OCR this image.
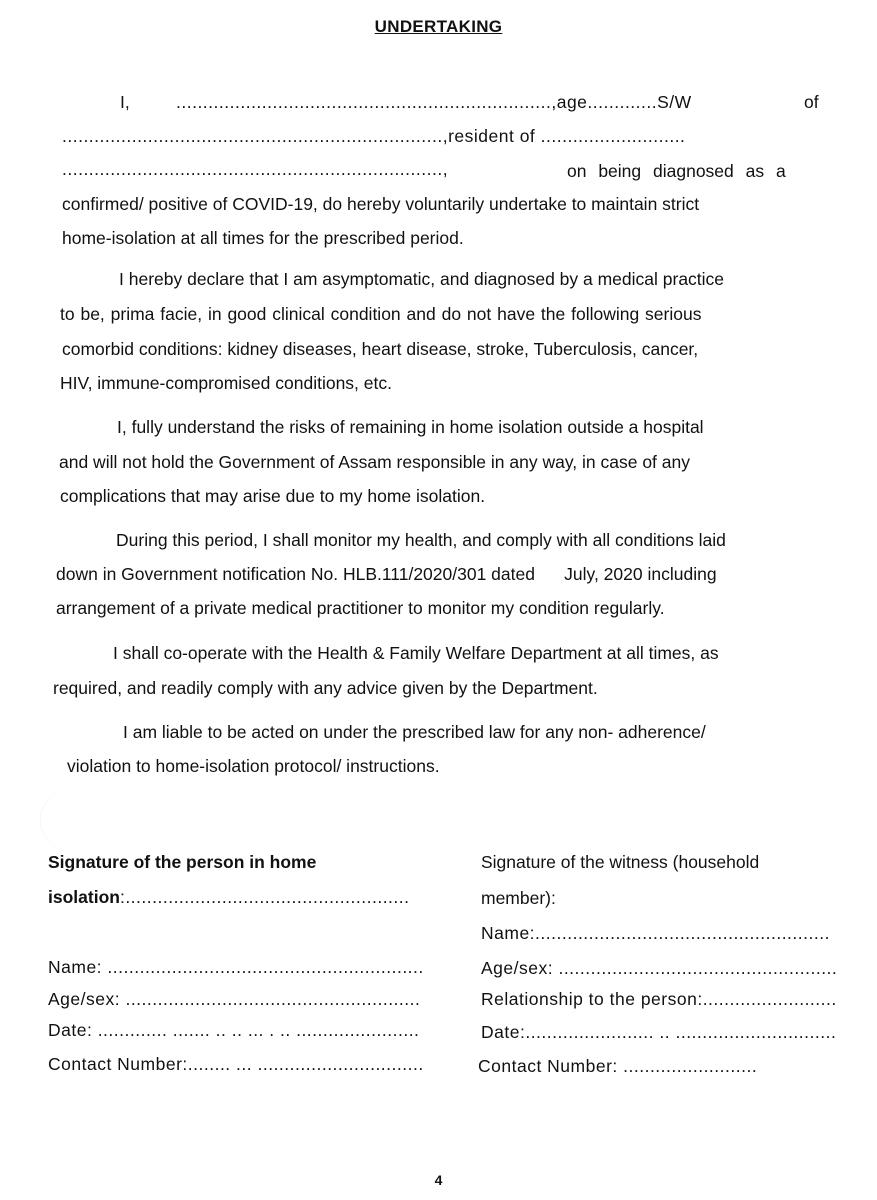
UNDERTAKING
I,	......................................................................,age.............S/W	of
.......................................................................,resident of ...........................
.......................................................................,	on being diagnosed as a
confirmed/ positive of COVID-19, do hereby voluntarily undertake to maintain strict
home-isolation at all times for the prescribed period.
I hereby declare that I am asymptomatic, and diagnosed by a medical practice
to be, prima facie, in good clinical condition and do not have the following serious
comorbid conditions: kidney diseases, heart disease, stroke, Tuberculosis, cancer,
HIV, immune-compromised conditions, etc.
I, fully understand the risks of remaining in home isolation outside a hospital
and will not hold the Government of Assam responsible in any way, in case of any
complications that may arise due to my home isolation.
During this period, I shall monitor my health, and comply with all conditions laid
down in Government notification No. HLB.111/2020/301 dated      July, 2020 including
arrangement of a private medical practitioner to monitor my condition regularly.
I shall co-operate with the Health & Family Welfare Department at all times, as
required, and readily comply with any advice given by the Department.
I am liable to be acted on under the prescribed law for any non- adherence/
violation to home-isolation protocol/ instructions.
Signature of the person in home
isolation:.....................................................
Name: ...........................................................
Age/sex: .......................................................
Date: ............. ....... .. .. ... . .. .......................
Contact Number:........ ... ...............................
Signature of the witness (household
member):
Name:.......................................................
Age/sex: ....................................................
Relationship to the person:.........................
Date:........................ .. ..............................
Contact Number: .........................
4
